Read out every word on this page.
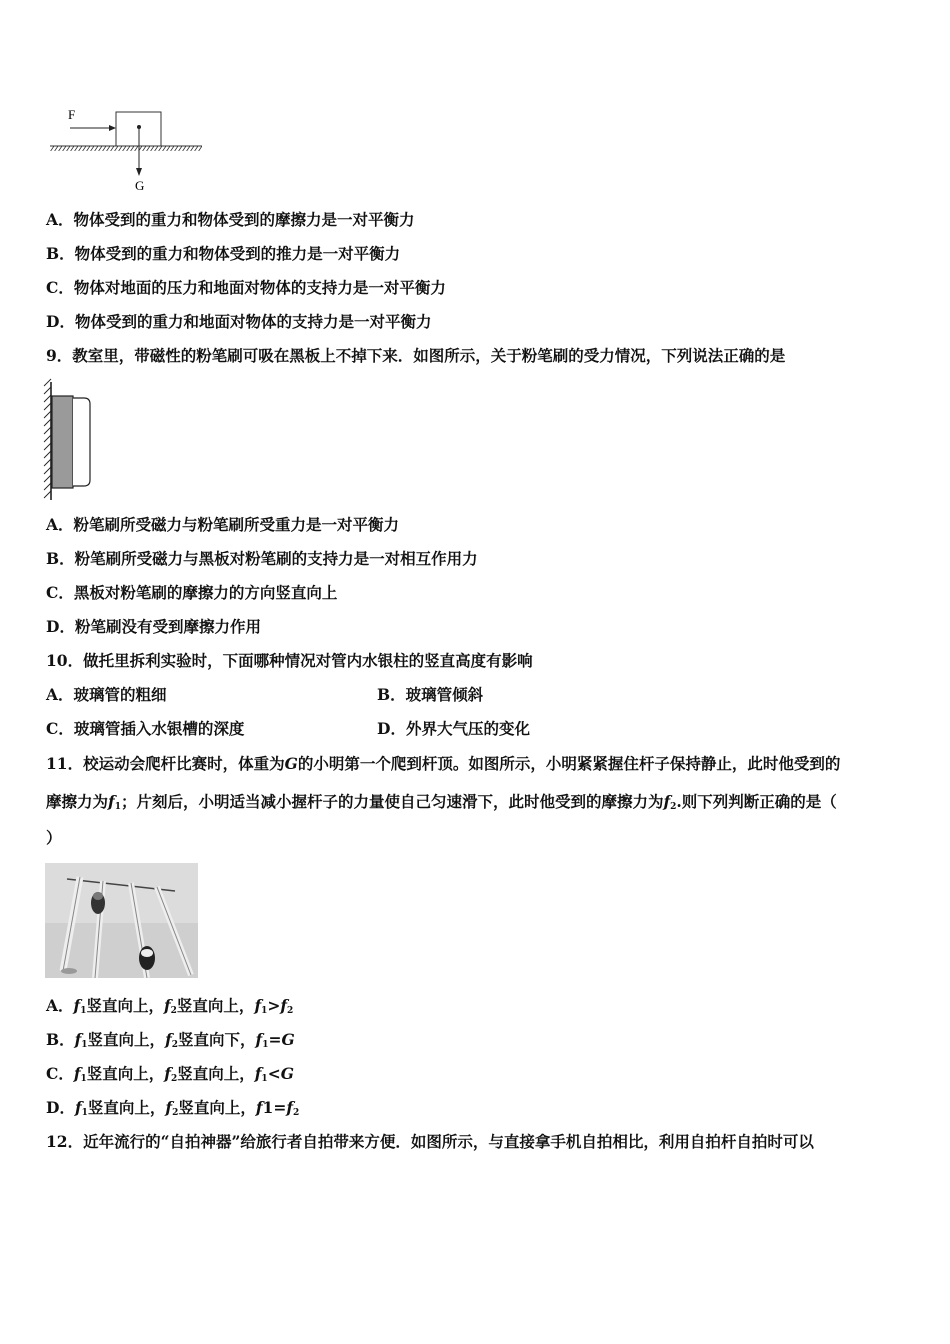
F
G
A．物体受到的重力和物体受到的摩擦力是一对平衡力
B．物体受到的重力和物体受到的推力是一对平衡力
C．物体对地面的压力和地面对物体的支持力是一对平衡力
D．物体受到的重力和地面对物体的支持力是一对平衡力
9．教室里，带磁性的粉笔刷可吸在黑板上不掉下来．如图所示，关于粉笔刷的受力情况，下列说法正确的是
A．粉笔刷所受磁力与粉笔刷所受重力是一对平衡力
B．粉笔刷所受磁力与黑板对粉笔刷的支持力是一对相互作用力
C．黑板对粉笔刷的摩擦力的方向竖直向上
D．粉笔刷没有受到摩擦力作用
10．做托里拆利实验时，下面哪种情况对管内水银柱的竖直高度有影响
A．玻璃管的粗细	B．玻璃管倾斜
C．玻璃管插入水银槽的深度	D．外界大气压的变化
11．校运动会爬杆比赛时，体重为G的小明第一个爬到杆顶。如图所示，小明紧紧握住杆子保持静止，此时他受到的
摩擦力为$f_1$；片刻后，小明适当减小握杆子的力量使自己匀速滑下，此时他受到的摩擦力为$f_2$.则下列判断正确的是（
）
A．$f_1$竖直向上，$f_2$竖直向上，$f_1>f_2$
B．$f_1$竖直向上，$f_2$竖直向下，$f_1=G$
C．$f_1$竖直向上，$f_2$竖直向上，$f_1<G$
D．$f_1$竖直向上，$f_2$竖直向上，$f1=f_2$
12．近年流行的“自拍神器”给旅行者自拍带来方便．如图所示，与直接拿手机自拍相比，利用自拍杆自拍时可以
